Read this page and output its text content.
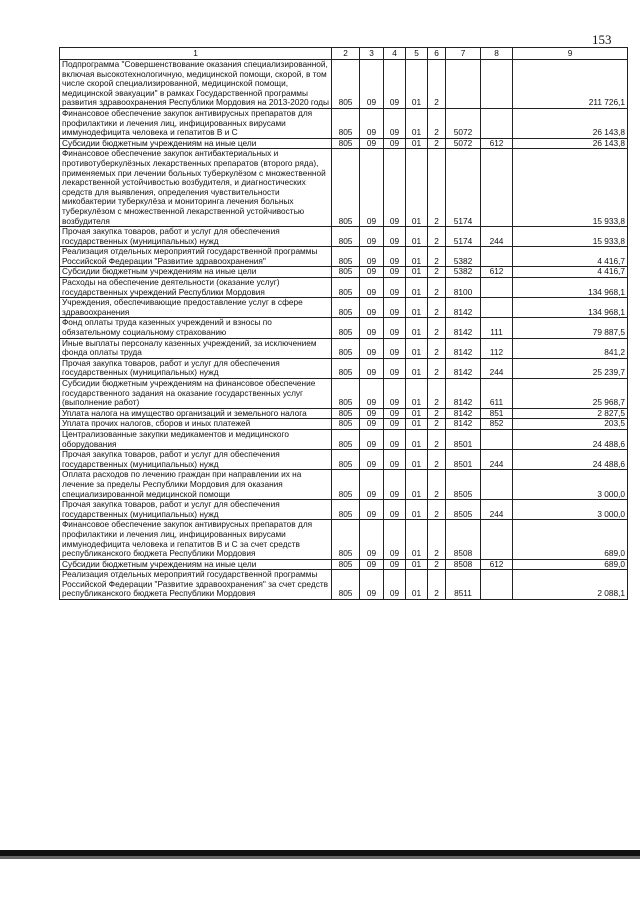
153
1	2	3	4	5	6	7	8	9
Подпрограмма "Совершенствование оказания специализированной, включая высокотехнологичную, медицинской помощи, скорой, в том числе скорой специализированной, медицинской помощи, медицинской эвакуации" в рамках Государственной программы развития здравоохранения Республики Мордовия на 2013-2020 годы	805	09	09	01	2			211 726,1
Финансовое обеспечение закупок антивирусных препаратов для профилактики и лечения лиц, инфицированных вирусами иммунодефицита человека и гепатитов В и С	805	09	09	01	2	5072		26 143,8
Субсидии бюджетным учреждениям на иные цели	805	09	09	01	2	5072	612	26 143,8
Финансовое обеспечение закупок антибактериальных и противотуберкулёзных лекарственных препаратов (второго ряда), применяемых при лечении больных туберкулёзом с множественной лекарственной устойчивостью возбудителя, и диагностических средств для выявления, определения чувствительности микобактерии туберкулёза и мониторинга лечения больных туберкулёзом с множественной лекарственной устойчивостью возбудителя	805	09	09	01	2	5174		15 933,8
Прочая закупка товаров, работ и услуг для обеспечения государственных (муниципальных) нужд	805	09	09	01	2	5174	244	15 933,8
Реализация отдельных мероприятий государственной программы Российской Федерации "Развитие здравоохранения"	805	09	09	01	2	5382		4 416,7
Субсидии бюджетным учреждениям на иные цели	805	09	09	01	2	5382	612	4 416,7
Расходы на обеспечение деятельности (оказание услуг) государственных учреждений Республики Мордовия	805	09	09	01	2	8100		134 968,1
Учреждения, обеспечивающие предоставление услуг в сфере здравоохранения	805	09	09	01	2	8142		134 968,1
Фонд оплаты труда казенных учреждений и взносы по обязательному социальному страхованию	805	09	09	01	2	8142	111	79 887,5
Иные выплаты персоналу казенных учреждений, за исключением фонда оплаты труда	805	09	09	01	2	8142	112	841,2
Прочая закупка товаров, работ и услуг для обеспечения государственных (муниципальных) нужд	805	09	09	01	2	8142	244	25 239,7
Субсидии бюджетным учреждениям на финансовое обеспечение государственного задания на оказание государственных услуг (выполнение работ)	805	09	09	01	2	8142	611	25 968,7
Уплата налога на имущество организаций и земельного налога	805	09	09	01	2	8142	851	2 827,5
Уплата прочих налогов, сборов и иных платежей	805	09	09	01	2	8142	852	203,5
Централизованные закупки медикаментов и медицинского оборудования	805	09	09	01	2	8501		24 488,6
Прочая закупка товаров, работ и услуг для обеспечения государственных (муниципальных) нужд	805	09	09	01	2	8501	244	24 488,6
Оплата расходов по лечению граждан при направлении их на лечение за пределы Республики Мордовия для оказания специализированной медицинской помощи	805	09	09	01	2	8505		3 000,0
Прочая закупка товаров, работ и услуг для обеспечения государственных (муниципальных) нужд	805	09	09	01	2	8505	244	3 000,0
Финансовое обеспечение закупок антивирусных препаратов для профилактики и лечения лиц, инфицированных вирусами иммунодефицита человека и гепатитов В и С за счет средств республиканского бюджета Республики Мордовия	805	09	09	01	2	8508		689,0
Субсидии бюджетным учреждениям на иные цели	805	09	09	01	2	8508	612	689,0
Реализация отдельных мероприятий государственной программы Российской Федерации "Развитие здравоохранения" за счет средств республиканского бюджета Республики Мордовия	805	09	09	01	2	8511		2 088,1
